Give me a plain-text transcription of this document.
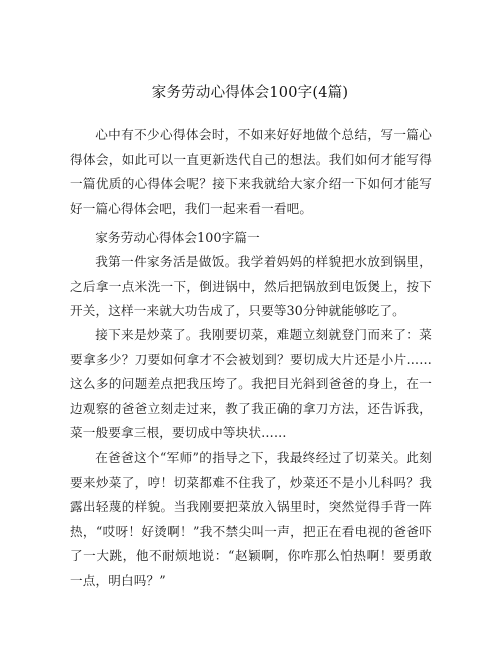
家务劳动心得体会100字(4篇)

心中有不少心得体会时，不如来好好地做个总结，写一篇心得体会，如此可以一直更新迭代自己的想法。我们如何才能写得一篇优质的心得体会呢？接下来我就给大家介绍一下如何才能写好一篇心得体会吧，我们一起来看一看吧。

家务劳动心得体会100字篇一

我第一件家务活是做饭。我学着妈妈的样貌把水放到锅里，之后拿一点米洗一下，倒进锅中，然后把锅放到电饭煲上，按下开关，这样一来就大功告成了，只要等30分钟就能够吃了。

接下来是炒菜了。我刚要切菜，难题立刻就登门而来了：菜要拿多少？刀要如何拿才不会被划到？要切成大片还是小片……这么多的问题差点把我压垮了。我把目光斜到爸爸的身上，在一边观察的爸爸立刻走过来，教了我正确的拿刀方法，还告诉我，菜一般要拿三根，要切成中等块状……

在爸爸这个“军师”的指导之下，我最终经过了切菜关。此刻要来炒菜了，哼！切菜都难不住我了，炒菜还不是小儿科吗？我露出轻蔑的样貌。当我刚要把菜放入锅里时，突然觉得手背一阵热，“哎呀！好烫啊！”我不禁尖叫一声，把正在看电视的爸爸吓了一大跳，他不耐烦地说：“赵颖啊，你咋那么怕热啊！要勇敢一点，明白吗？”
